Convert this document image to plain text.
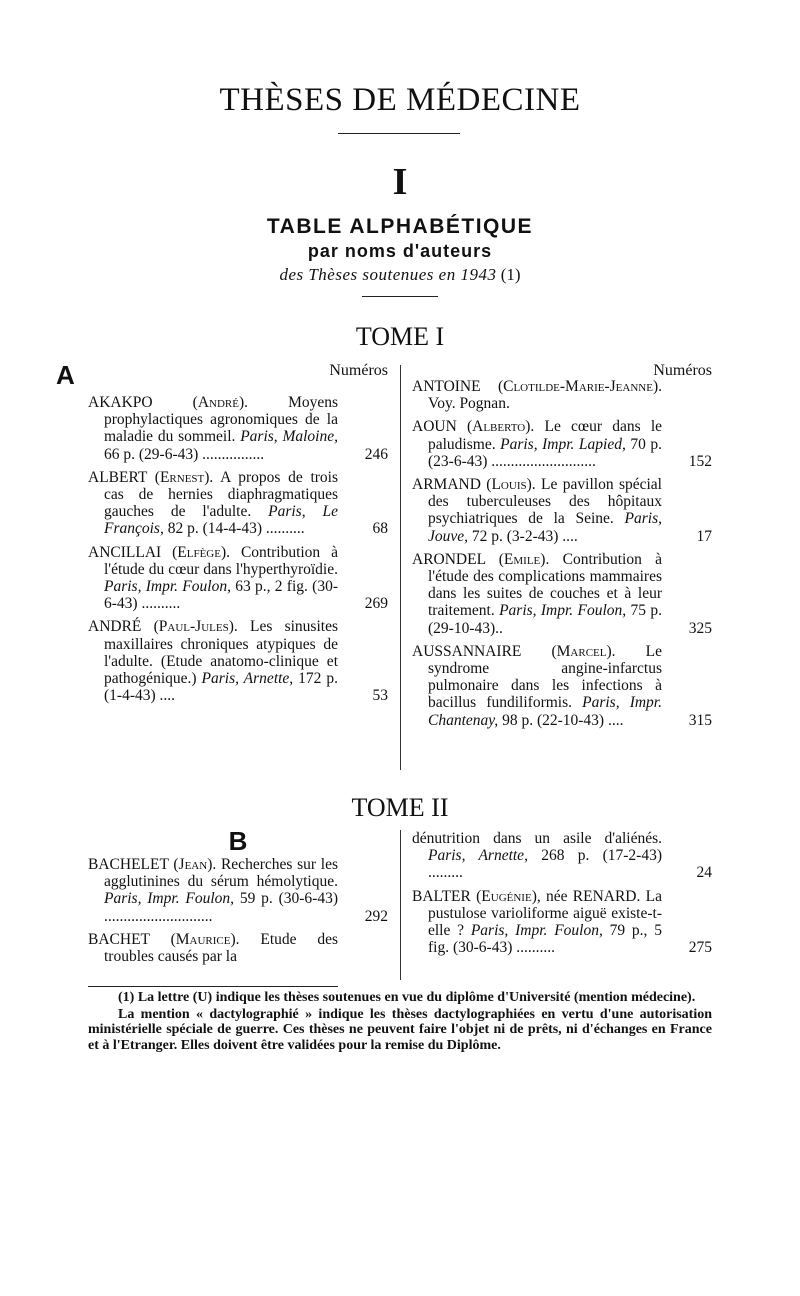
THÈSES DE MÉDECINE
I
TABLE ALPHABÉTIQUE
par noms d'auteurs
des Thèses soutenues en 1943 (1)
TOME I
A	Numéros
AKAKPO	(André).	Moyens prophylactiques agronomiques de la maladie du sommeil. Paris, Maloine, 66 p. (29-6-43) ................	246
ALBERT (Ernest). A propos de trois cas de hernies diaphragmatiques gauches de l'adulte. Paris, Le François, 82 p. (14-4-43) ..........	68
ANCILLAI (Elfège). Contribution à l'étude du cœur dans l'hyperthyroïdie. Paris, Impr. Foulon, 63 p., 2 fig. (30-6-43) ..........	269
ANDRÉ (Paul-Jules). Les sinusites maxillaires chroniques atypiques de l'adulte. (Etude anatomo-clinique et pathogénique.) Paris, Arnette, 172 p. (1-4-43) ....	53
Numéros
ANTOINE (Clotilde-Marie-Jeanne). Voy. Pognan.
AOUN (Alberto). Le cœur dans le paludisme. Paris, Impr. Lapied, 70 p. (23-6-43) ...........................	152
ARMAND (Louis). Le pavillon spécial des tuberculeuses des hôpitaux psychiatriques de la Seine. Paris, Jouve, 72 p. (3-2-43) ....	17
ARONDEL (Emile). Contribution à l'étude des complications mammaires dans les suites de couches et à leur traitement. Paris, Impr. Foulon, 75 p. (29-10-43)..	325
AUSSANNAIRE (Marcel). Le syndrome angine-infarctus pulmonaire dans les infections à bacillus fundiliformis. Paris, Impr. Chantenay, 98 p. (22-10-43) ....	315
TOME II
B
BACHELET (Jean). Recherches sur les agglutinines du sérum hémolytique. Paris, Impr. Foulon, 59 p. (30-6-43) ............................	292
BACHET (Maurice). Etude des troubles causés par la
dénutrition dans un asile d'aliénés. Paris, Arnette, 268 p. (17-2-43) .........	24
BALTER (Eugénie), née RENARD. La pustulose varioliforme aiguë existe-t-elle ? Paris, Impr. Foulon, 79 p., 5 fig. (30-6-43) ..........	275

(1) La lettre (U) indique les thèses soutenues en vue du diplôme d'Université (mention médecine).

La mention « dactylographié » indique les thèses dactylographiées en vertu d'une autorisation ministérielle spéciale de guerre. Ces thèses ne peuvent faire l'objet ni de prêts, ni d'échanges en France et à l'Etranger. Elles doivent être validées pour la remise du Diplôme.
